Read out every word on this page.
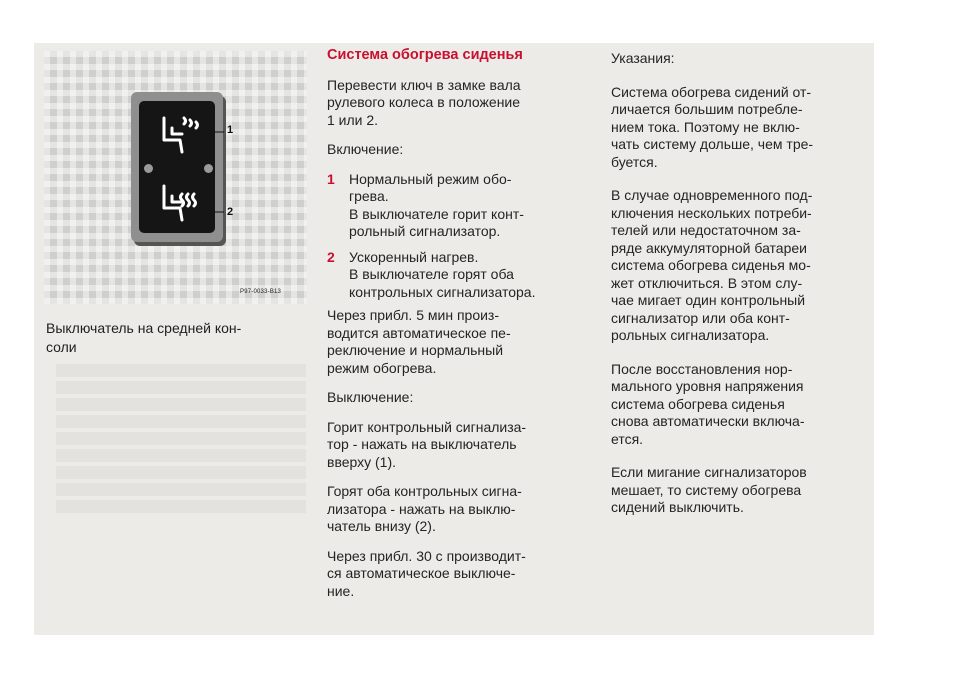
1
2
P97-0033-B13
Выключатель на средней кон-
соли

Система обогрева сиденья

Перевести ключ в замке вала
рулевого колеса в положение
1 или 2.

Включение:

1	Нормальный режим обо-
грева.
В выключателе горит конт-
рольный сигнализатор.
2	Ускоренный нагрев.
В выключателе горят оба
контрольных сигнализатора.

Через прибл. 5 мин произ-
водится автоматическое пе-
реключение и нормальный
режим обогрева.

Выключение:

Горит контрольный сигнализа-
тор - нажать на выключатель
вверху (1).

Горят оба контрольных сигна-
лизатора - нажать на выклю-
чатель внизу (2).

Через прибл. 30 с производит-
ся автоматическое выключе-
ние.

Указания:

Система обогрева сидений от-
личается большим потребле-
нием тока. Поэтому не вклю-
чать систему дольше, чем тре-
буется.

В случае одновременного под-
ключения нескольких потреби-
телей или недостаточном за-
ряде аккумуляторной батареи
система обогрева сиденья мо-
жет отключиться. В этом слу-
чае мигает один контрольный
сигнализатор или оба конт-
рольных сигнализатора.

После восстановления нор-
мального уровня напряжения
система обогрева сиденья
снова автоматически включа-
ется.

Если мигание сигнализаторов
мешает, то систему обогрева
сидений выключить.
